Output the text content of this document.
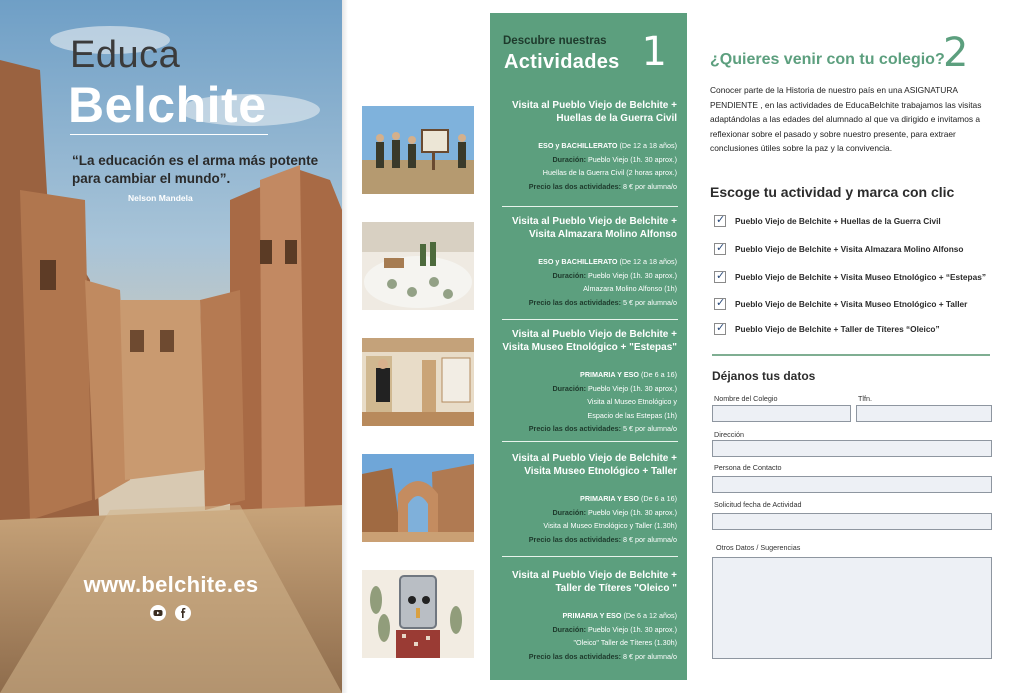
Educa
Belchite
“La educación es el arma más potente para cambiar el mundo”.
Nelson Mandela
www.belchite.es
Descubre nuestras
Actividades 1
Visita al Pueblo Viejo de Belchite + Huellas de la Guerra Civil
ESO y BACHILLERATO (De 12 a 18 años)
Duración: Pueblo Viejo (1h. 30 aprox.)
Huellas de la Guerra Civil (2 horas aprox.)
Precio las dos actividades: 8 € por alumna/o
Visita al Pueblo Viejo de Belchite + Visita Almazara Molino Alfonso
ESO y BACHILLERATO (De 12 a 18 años)
Duración: Pueblo Viejo (1h. 30 aprox.)
Almazara Molino Alfonso (1h)
Precio las dos actividades: 5 € por alumna/o
Visita al Pueblo Viejo de Belchite + Visita Museo Etnológico + "Estepas"
PRIMARIA Y ESO (De 6 a 16)
Duración: Pueblo Viejo (1h. 30 aprox.)
Visita al Museo Etnológico y
Espacio de las Estepas (1h)
Precio las dos actividades: 5 € por alumna/o
Visita al Pueblo Viejo de Belchite + Visita Museo Etnológico + Taller
PRIMARIA Y ESO (De 6 a 16)
Duración: Pueblo Viejo (1h. 30 aprox.)
Visita al Museo Etnológico y Taller (1.30h)
Precio las dos actividades: 8 € por alumna/o
Visita al Pueblo Viejo de Belchite + Taller de Títeres "Oleico "
PRIMARIA Y ESO (De 6 a 12 años)
Duración: Pueblo Viejo (1h. 30 aprox.)
"Oleico" Taller de Títeres (1.30h)
Precio las dos actividades: 8 € por alumna/o
¿Quieres venir con tu colegio?
2
Conocer parte de la Historia de nuestro país en una ASIGNATURA PENDIENTE , en las actividades de EducaBelchite trabajamos las visitas adaptándolas a las edades del alumnado al que va dirigido e invitamos a reflexionar sobre el pasado y sobre nuestro presente, para extraer conclusiones útiles sobre la paz y la convivencia.
Escoge tu actividad y marca con clic
✓ Pueblo Viejo de Belchite + Huellas de la Guerra Civil
✓ Pueblo Viejo de Belchite + Visita Almazara Molino Alfonso
✓ Pueblo Viejo de Belchite + Visita Museo Etnológico + “Estepas”
✓ Pueblo Viejo de Belchite + Visita Museo Etnológico + Taller
✓ Pueblo Viejo de Belchite + Taller de Títeres “Oleico”
Déjanos tus datos
Nombre del Colegio	Tlfn.
Dirección
Persona de Contacto
Solicitud fecha de Actividad
Otros Datos / Sugerencias
